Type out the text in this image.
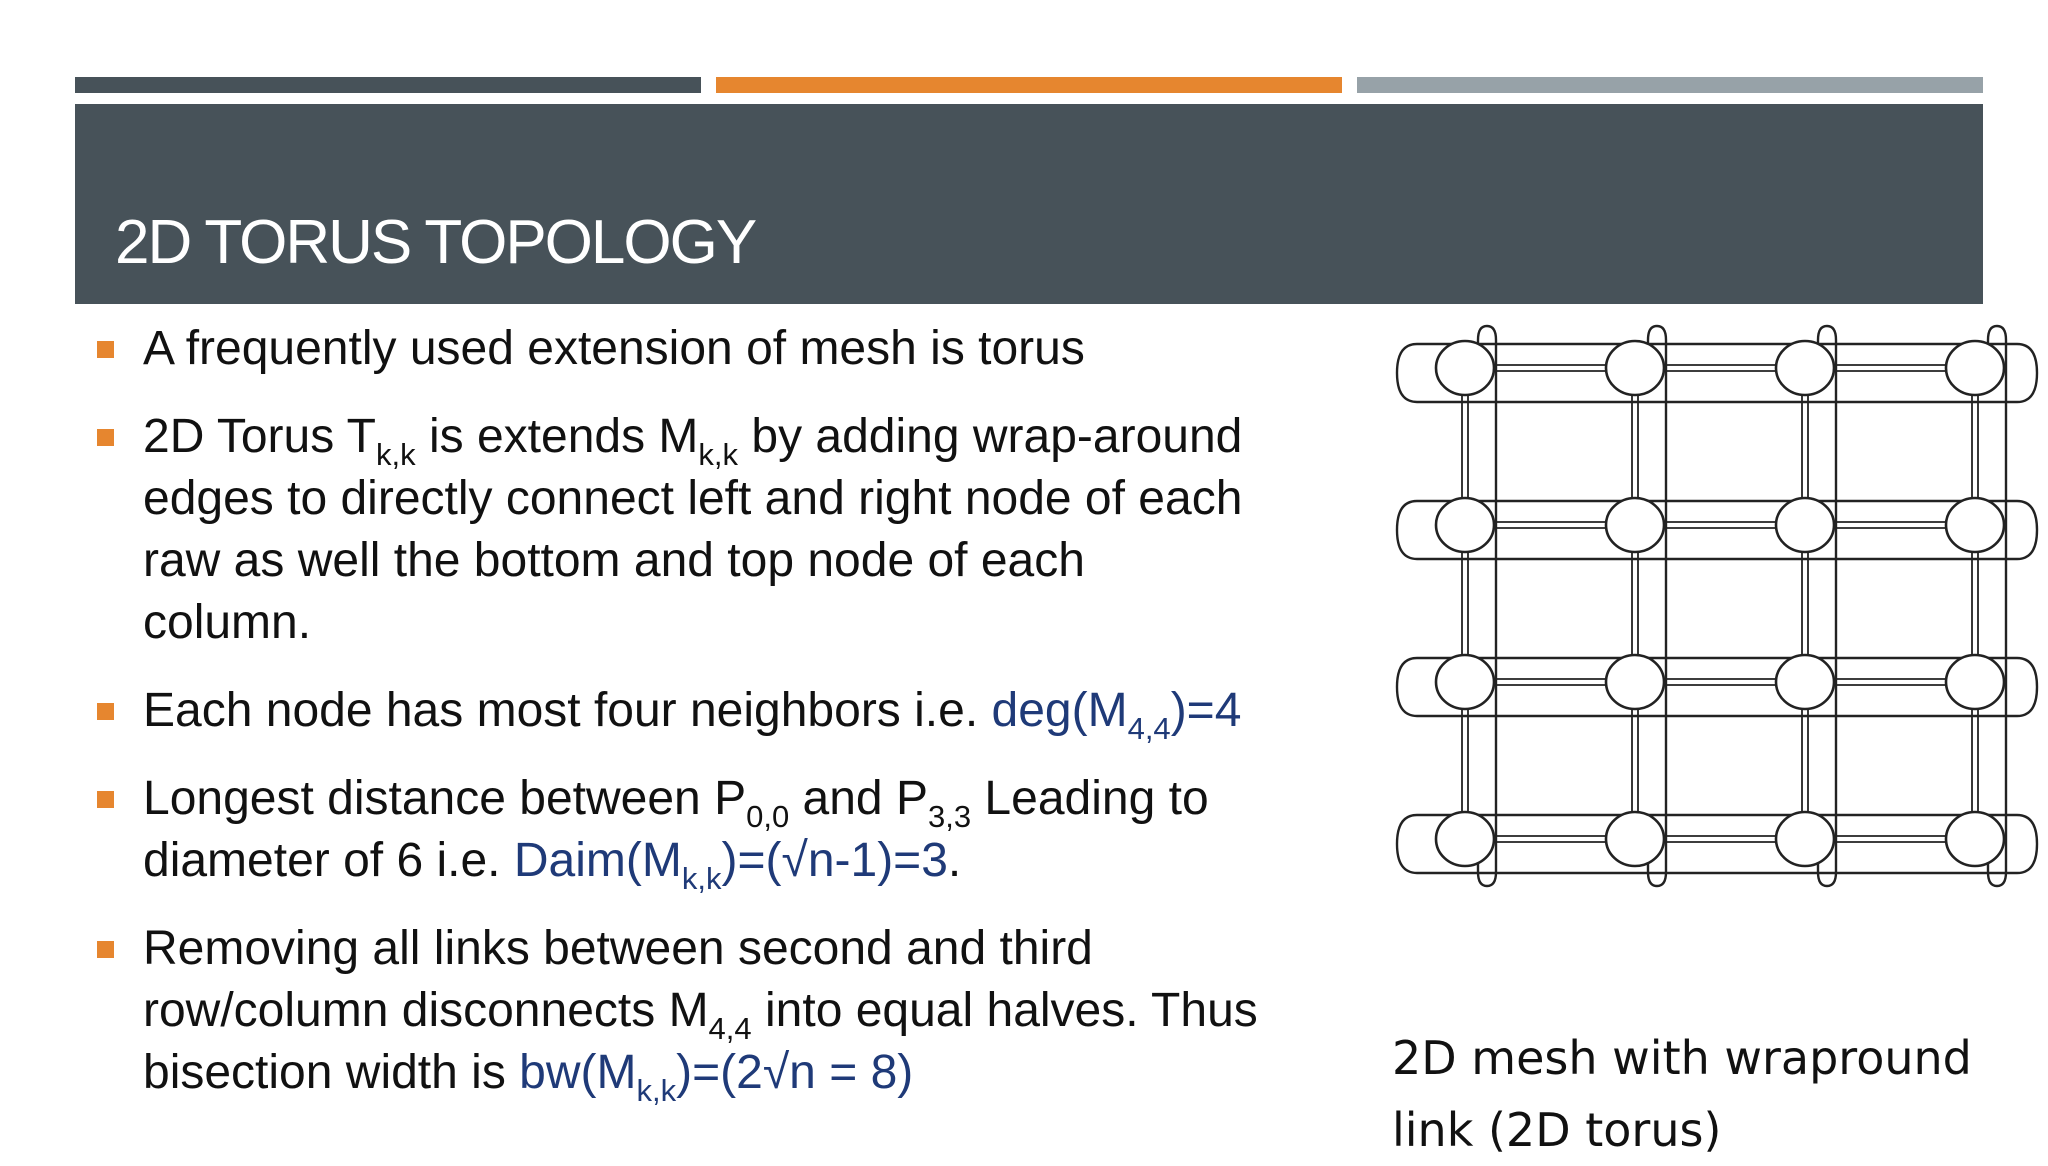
2D TORUS TOPOLOGY
A frequently used extension of mesh is torus
2D Torus $T_{k,k}$ is extends $M_{k,k}$ by adding wrap-around
edges to directly connect left and right node of each
raw as well the bottom and top node of each
column.
Each node has most four neighbors i.e. $deg(M_{4,4})=4$
Longest distance between $P_{0,0}$ and $P_{3,3}$ Leading to
diameter of 6 i.e. $Daim(M_{k,k})=(√n-1)=3$.
Removing all links between second and third
row/column disconnects $M_{4,4}$ into equal halves. Thus
bisection width is $bw(M_{k,k})=(2√n = 8)$	2D mesh with wrapround
link (2D torus)
